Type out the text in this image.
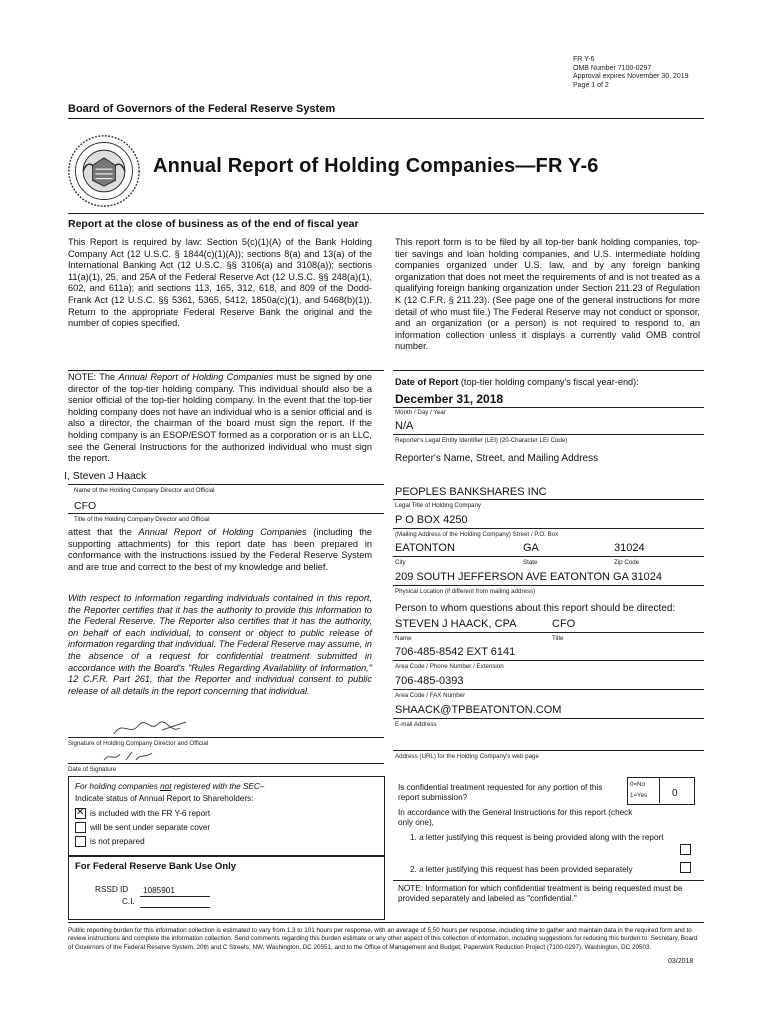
FR Y-6
OMB Number 7100-0297
Approval expires November 30, 2019
Page 1 of 2
Board of Governors of the Federal Reserve System
Annual Report of Holding Companies—FR Y-6
Report at the close of business as of the end of fiscal year
This Report is required by law: Section 5(c)(1)(A) of the Bank Holding Company Act (12 U.S.C. § 1844(c)(1)(A)); sections 8(a) and 13(a) of the International Banking Act (12 U.S.C. §§ 3106(a) and 3108(a)); sections 11(a)(1), 25, and 25A of the Federal Reserve Act (12 U.S.C. §§ 248(a)(1), 602, and 611a); and sections 113, 165, 312, 618, and 809 of the Dodd-Frank Act (12 U.S.C. §§ 5361, 5365, 5412, 1850a(c)(1), and 5468(b)(1)). Return to the appropriate Federal Reserve Bank the original and the number of copies specified.
NOTE: The Annual Report of Holding Companies must be signed by one director of the top-tier holding company. This individual should also be a senior official of the top-tier holding company. In the event that the top-tier holding company does not have an individual who is a senior official and is also a director, the chairman of the board must sign the report. If the holding company is an ESOP/ESOT formed as a corporation or is an LLC, see the General Instructions for the authorized individual who must sign the report.
I, Steven J Haack
Name of the Holding Company Director and Official
CFO
Title of the Holding Company Director and Official
attest that the Annual Report of Holding Companies (including the supporting attachments) for this report date has been prepared in conformance with the instructions issued by the Federal Reserve System and are true and correct to the best of my knowledge and belief.
With respect to information regarding individuals contained in this report, the Reporter certifies that it has the authority to provide this information to the Federal Reserve. The Reporter also certifies that it has the authority, on behalf of each individual, to consent or object to public release of information regarding that individual. The Federal Reserve may assume, in the absence of a request for confidential treatment submitted in accordance with the Board's "Rules Regarding Availability of Information," 12 C.F.R. Part 261, that the Reporter and individual consent to public release of all details in the report concerning that individual.
Signature of Holding Company Director and Official
Date of Signature
For holding companies not registered with the SEC–
Indicate status of Annual Report to Shareholders:
✕
is included with the FR Y-6 report
will be sent under separate cover
is not prepared
For Federal Reserve Bank Use Only
RSSD ID 1085901
C.I.
This report form is to be filed by all top-tier bank holding companies, top-tier savings and loan holding companies, and U.S. intermediate holding companies organized under U.S. law, and by any foreign banking organization that does not meet the requirements of and is not treated as a qualifying foreign banking organization under Section 211.23 of Regulation K (12 C.F.R. § 211.23). (See page one of the general instructions for more detail of who must file.) The Federal Reserve may not conduct or sponsor, and an organization (or a person) is not required to respond to, an information collection unless it displays a currently valid OMB control number.
Date of Report (top-tier holding company's fiscal year-end):
December 31, 2018
Month / Day / Year
N/A
Reporter's Legal Entity Identifier (LEI) (20-Character LEI Code)
Reporter's Name, Street, and Mailing Address
PEOPLES BANKSHARES INC
Legal Title of Holding Company
P O BOX 4250
(Mailing Address of the Holding Company) Street / P.O. Box
EATONTON	GA	31024
City	State	Zip Code
209 SOUTH JEFFERSON AVE EATONTON GA 31024
Physical Location (if different from mailing address)
Person to whom questions about this report should be directed:
STEVEN J HAACK, CPA	CFO
Name	Title
706-485-8542 EXT 6141
Area Code / Phone Number / Extension
706-485-0393
Area Code / FAX Number
SHAACK@TPBEATONTON.COM
E-mail Address
Address (URL) for the Holding Company's web page
Is confidential treatment requested for any portion of this report submission?
0=No
1=Yes 0
In accordance with the General Instructions for this report (check only one),
1. a letter justifying this request is being provided along with the report
2. a letter justifying this request has been provided separately
NOTE: Information for which confidential treatment is being requested must be provided separately and labeled as "confidential."
Public reporting burden for this information collection is estimated to vary from 1.3 to 101 hours per response, with an average of 5.50 hours per response, including time to gather and maintain data in the required form and to review instructions and complete the information collection. Send comments regarding this burden estimate or any other aspect of this collection of information, including suggestions for reducing this burden to: Secretary, Board of Governors of the Federal Reserve System, 20th and C Streets, NW, Washington, DC 20551, and to the Office of Management and Budget, Paperwork Reduction Project (7100-0297), Washington, DC 20503.
03/2018
